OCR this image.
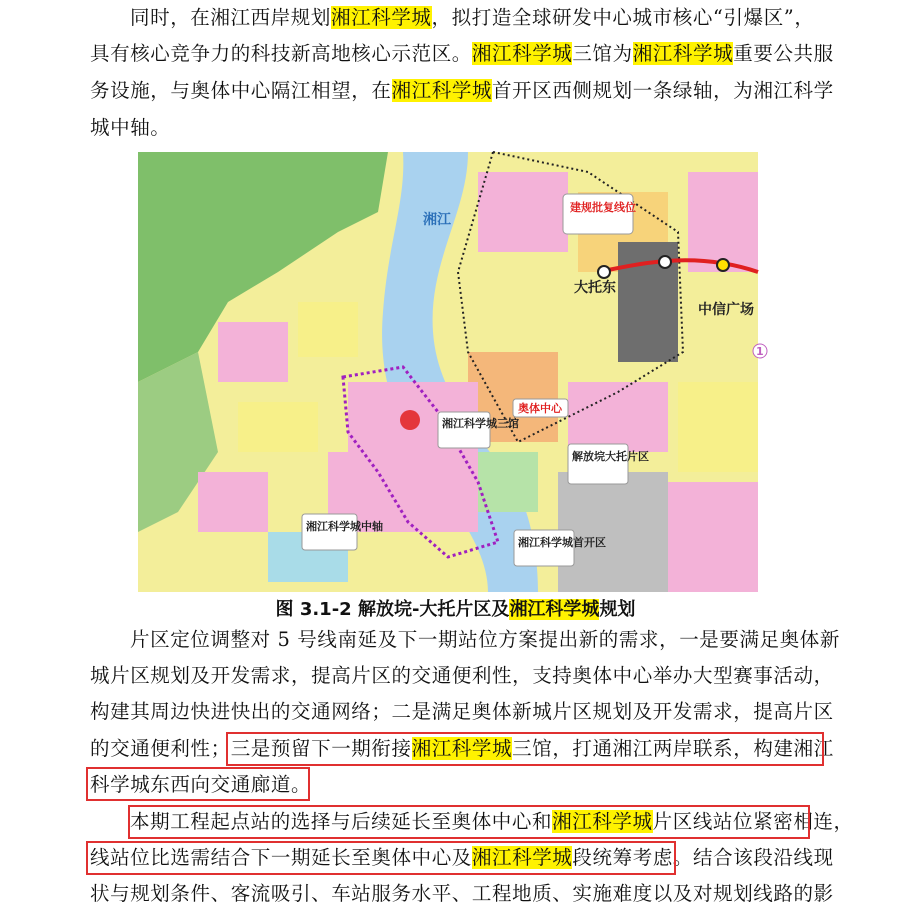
同时，在湘江西岸规划湘江科学城，拟打造全球研发中心城市核心“引爆区”，
具有核心竞争力的科技新高地核心示范区。湘江科学城三馆为湘江科学城重要公共服
务设施，与奥体中心隔江相望，在湘江科学城首开区西侧规划一条绿轴，为湘江科学
城中轴。
湘江
建规批复线位
大托东
中信广场
1
奥体中心
湘江科学城三馆
解放垸大托片区
湘江科学城中轴
湘江科学城首开区
图 3.1-2 解放垸-大托片区及湘江科学城规划
片区定位调整对 5 号线南延及下一期站位方案提出新的需求，一是要满足奥体新
城片区规划及开发需求，提高片区的交通便利性，支持奥体中心举办大型赛事活动，
构建其周边快进快出的交通网络；二是满足奥体新城片区规划及开发需求，提高片区
的交通便利性；三是预留下一期衔接湘江科学城三馆，打通湘江两岸联系，构建湘江
科学城东西向交通廊道。
本期工程起点站的选择与后续延长至奥体中心和湘江科学城片区线站位紧密相连，
线站位比选需结合下一期延长至奥体中心及湘江科学城段统筹考虑。结合该段沿线现
状与规划条件、客流吸引、车站服务水平、工程地质、实施难度以及对规划线路的影
